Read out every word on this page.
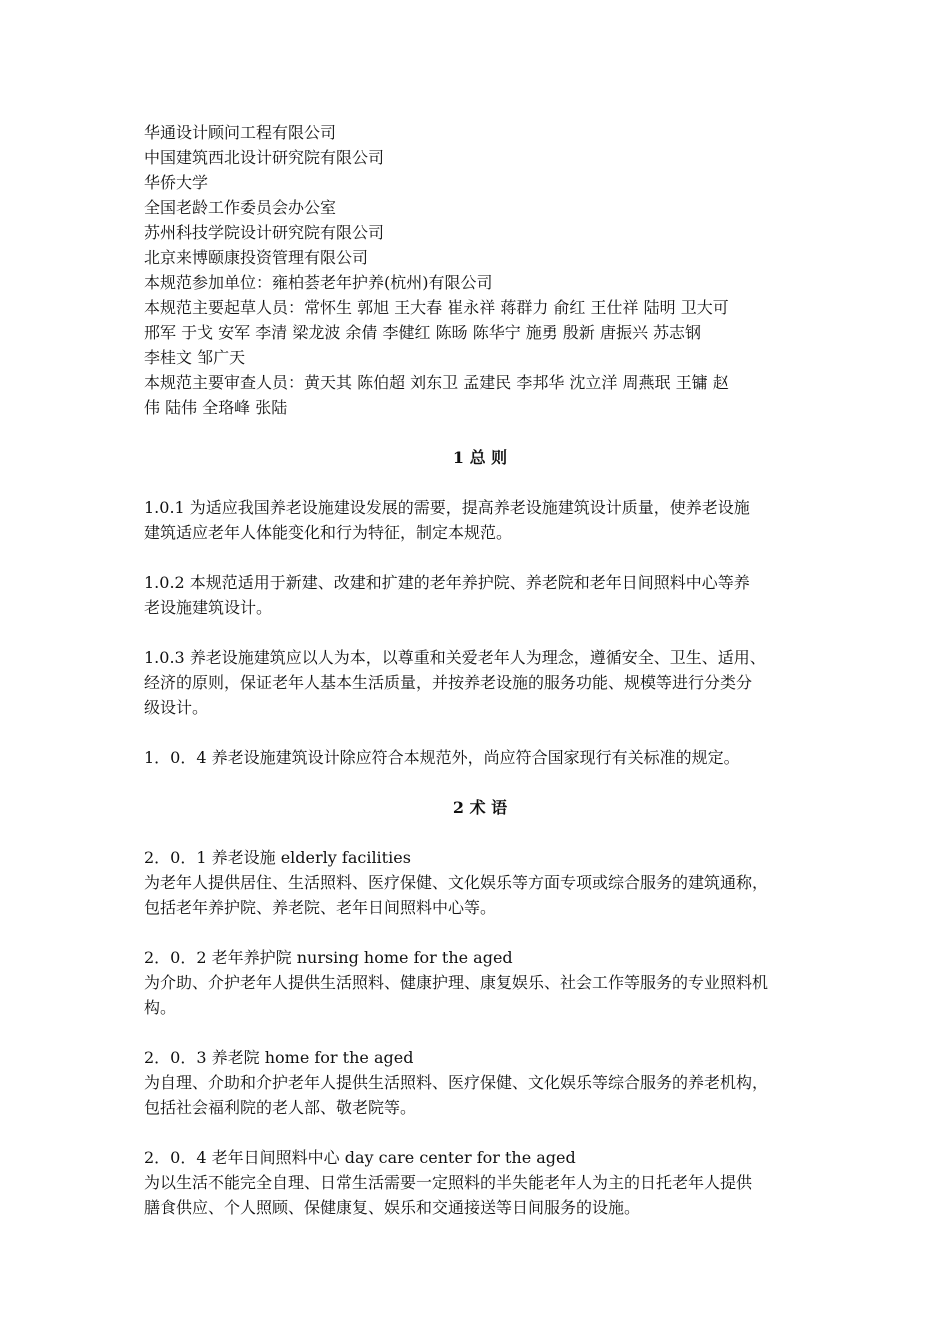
华通设计顾问工程有限公司
中国建筑西北设计研究院有限公司
华侨大学
全国老龄工作委员会办公室
苏州科技学院设计研究院有限公司
北京来博颐康投资管理有限公司
本规范参加单位：雍柏荟老年护养(杭州)有限公司
本规范主要起草人员：常怀生 郭旭 王大春 崔永祥 蒋群力 俞红 王仕祥 陆明 卫大可
邢军 于戈 安军 李清 梁龙波 余倩 李健红 陈旸 陈华宁 施勇 殷新 唐振兴 苏志钢
李桂文 邹广天
本规范主要审查人员：黄天其 陈伯超 刘东卫 孟建民 李邦华 沈立洋 周燕珉 王镛 赵
伟 陆伟 全珞峰 张陆
1 总 则
1.0.1 为适应我国养老设施建设发展的需要，提高养老设施建筑设计质量，使养老设施
建筑适应老年人体能变化和行为特征，制定本规范。
1.0.2 本规范适用于新建、改建和扩建的老年养护院、养老院和老年日间照料中心等养
老设施建筑设计。
1.0.3 养老设施建筑应以人为本，以尊重和关爱老年人为理念，遵循安全、卫生、适用、
经济的原则，保证老年人基本生活质量，并按养老设施的服务功能、规模等进行分类分
级设计。
1．0．4 养老设施建筑设计除应符合本规范外，尚应符合国家现行有关标准的规定。
2 术 语
2．0．1 养老设施 elderly facilities
为老年人提供居住、生活照料、医疗保健、文化娱乐等方面专项或综合服务的建筑通称，
包括老年养护院、养老院、老年日间照料中心等。
2．0．2 老年养护院 nursing home for the aged
为介助、介护老年人提供生活照料、健康护理、康复娱乐、社会工作等服务的专业照料机
构。
2．0．3 养老院 home for the aged
为自理、介助和介护老年人提供生活照料、医疗保健、文化娱乐等综合服务的养老机构，
包括社会福利院的老人部、敬老院等。
2．0．4 老年日间照料中心 day care center for the aged
为以生活不能完全自理、日常生活需要一定照料的半失能老年人为主的日托老年人提供
膳食供应、个人照顾、保健康复、娱乐和交通接送等日间服务的设施。
